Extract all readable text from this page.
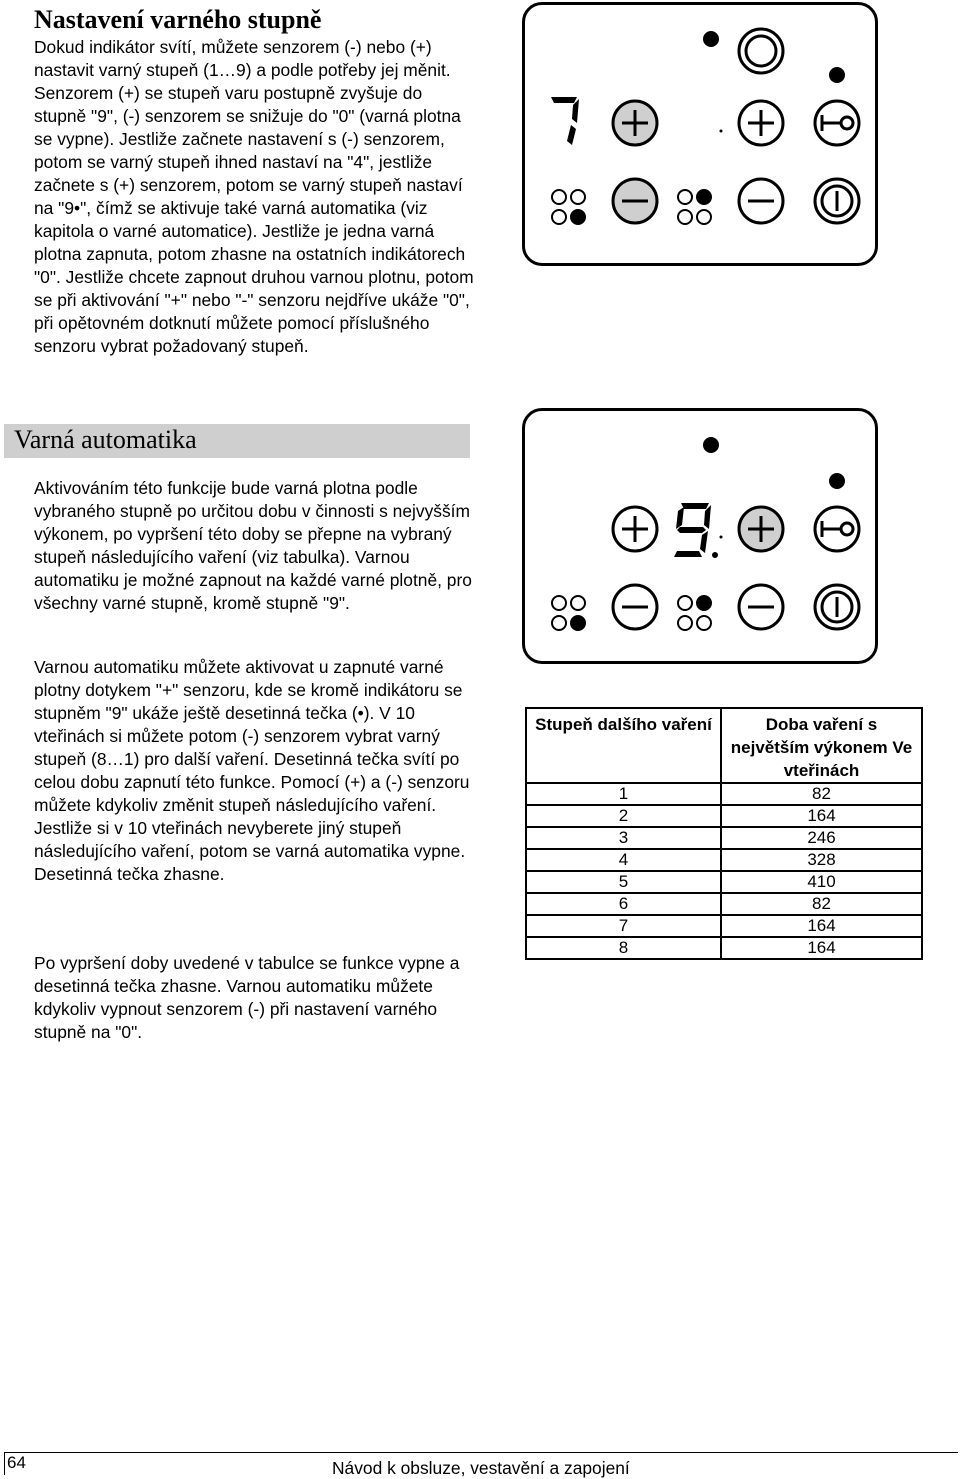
Nastavení varného stupně

Dokud indikátor svítí, můžete senzorem (-) nebo (+) nastavit varný stupeň (1…9) a podle potřeby jej měnit. Senzorem (+) se stupeň varu postupně zvyšuje do stupně "9", (-) senzorem se snižuje do "0" (varná plotna se vypne). Jestliže začnete nastavení s (-) senzorem, potom se varný stupeň ihned nastaví na "4", jestliže začnete s (+) senzorem, potom se varný stupeň nastaví na "9•", čímž se aktivuje také varná automatika (viz kapitola o varné automatice). Jestliže je jedna varná plotna zapnuta, potom zhasne na ostatních indikátorech "0". Jestliže chcete zapnout druhou varnou plotnu, potom se při aktivování "+" nebo "-" senzoru nejdříve ukáže "0", při opětovném dotknutí můžete pomocí příslušného senzoru vybrat požadovaný stupeň.

Varná automatika

Aktivováním této funkcije bude varná plotna podle vybraného stupně po určitou dobu v činnosti s nejvyšším výkonem, po vypršení této doby se přepne na vybraný stupeň následujícího vaření (viz tabulka). Varnou automatiku je možné zapnout na každé varné plotně, pro všechny varné stupně, kromě stupně "9".

Varnou automatiku můžete aktivovat u zapnuté varné plotny dotykem "+" senzoru, kde se kromě indikátoru se stupněm "9" ukáže ještě desetinná tečka (•). V 10 vteřinách si můžete potom (-) senzorem vybrat varný stupeň (8…1) pro další vaření. Desetinná tečka svítí po celou dobu zapnutí této funkce. Pomocí (+) a (-) senzoru můžete kdykoliv změnit stupeň následujícího vaření. Jestliže si v 10 vteřinách nevyberete jiný stupeň následujícího vaření, potom se varná automatika vypne. Desetinná tečka zhasne.

Po vypršení doby uvedené v tabulce se funkce vypne a desetinná tečka zhasne. Varnou automatiku můžete kdykoliv vypnout senzorem (-) při nastavení varného stupně na "0".

Stupeň dalšího vaření	Doba vaření s největším výkonem Ve vteřinách
1	82
2	164
3	246
4	328
5	410
6	82
7	164
8	164
64	Návod k obsluze, vestavění a zapojení
